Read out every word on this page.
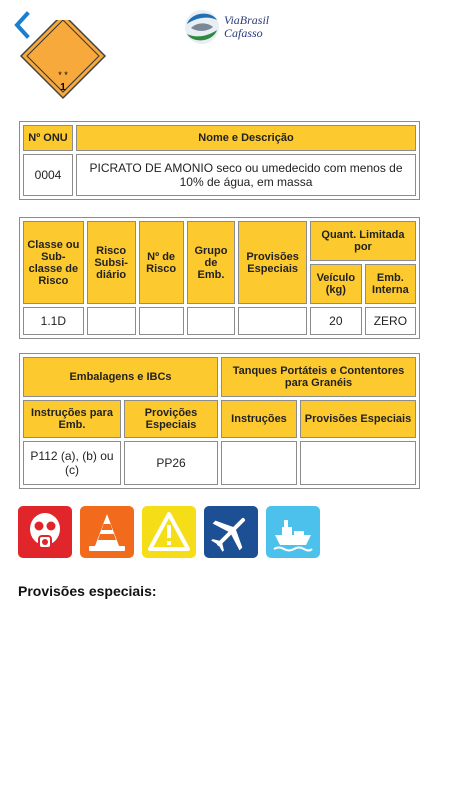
ViaBrasil
Cafasso
* *
1
Nº ONU	Nome e Descrição
0004	PICRATO DE AMONIO seco ou umedecido com menos de 10% de água, em massa
Classe ou Sub-classe de Risco	Risco Subsi-diário	Nº de Risco	Grupo de Emb.	Provisões Especiais	Quant. Limitada por	
					Veículo (kg)	Emb. Interna
1.1D					20	ZERO
Embalagens e IBCs		Tanques Portáteis e Contentores para Granéis	
Instruções para Emb.	Provições Especiais	Instruções	Provisões Especiais
P112 (a), (b) ou (c)	PP26		
Provisões especiais:
